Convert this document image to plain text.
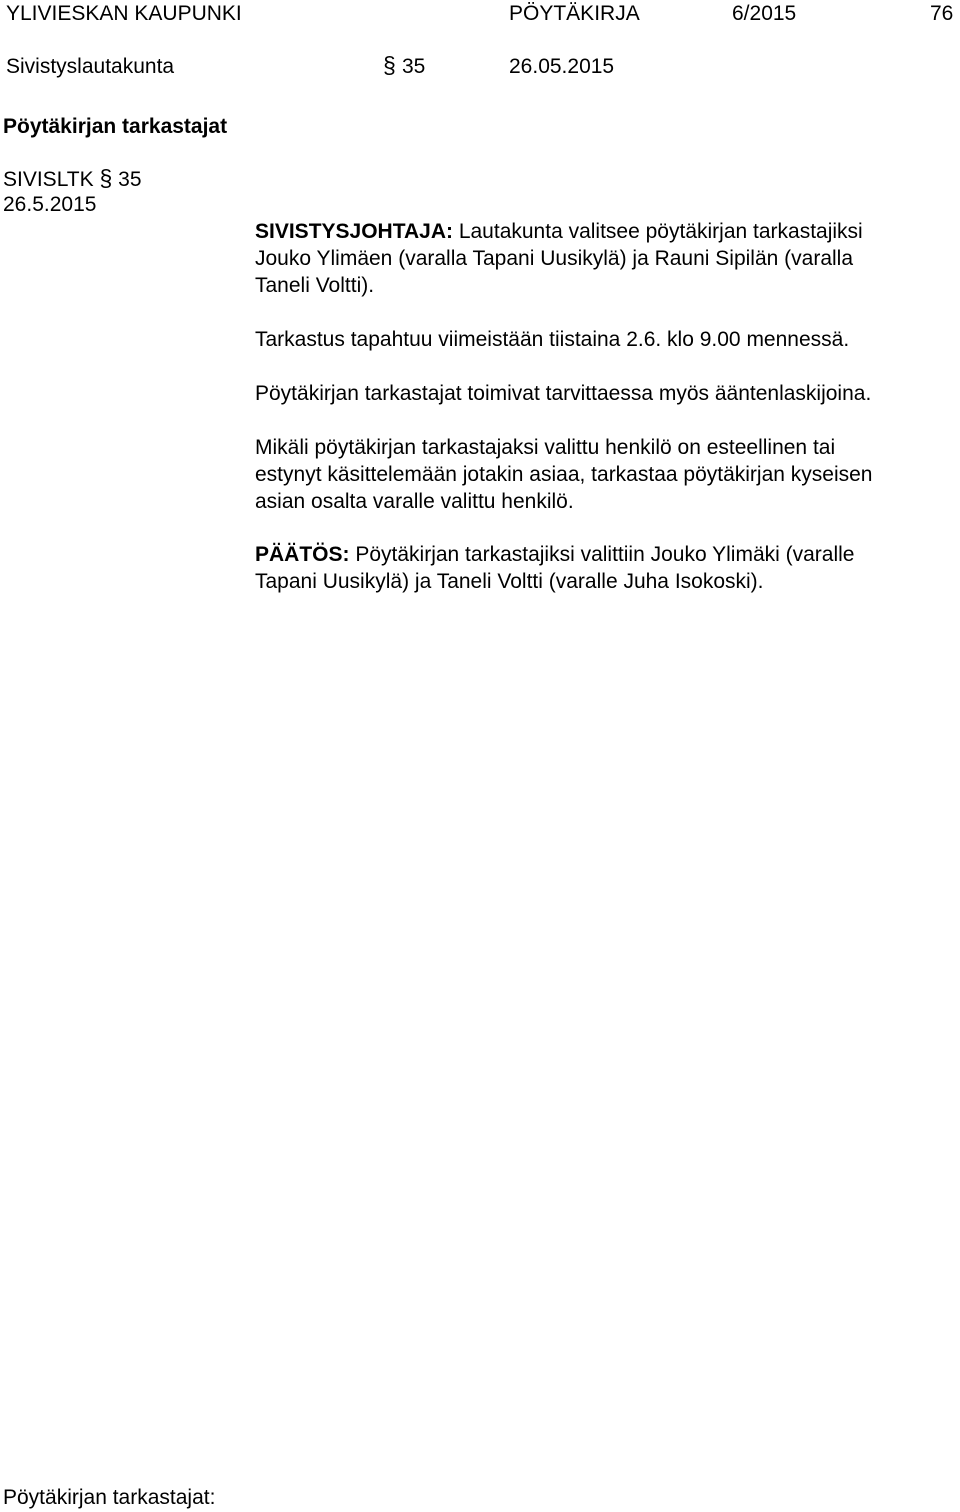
YLIVIESKAN KAUPUNKI	PÖYTÄKIRJA	6/2015	76
Sivistyslautakunta	§ 35	26.05.2015
Pöytäkirjan tarkastajat
SIVISLTK § 35
26.5.2015
SIVISTYSJOHTAJA: Lautakunta valitsee pöytäkirjan tarkastajiksi
Jouko Ylimäen (varalla Tapani Uusikylä) ja Rauni Sipilän (varalla
Taneli Voltti).
Tarkastus tapahtuu viimeistään tiistaina 2.6. klo 9.00 mennessä.
Pöytäkirjan tarkastajat toimivat tarvittaessa myös ääntenlaskijoina.
Mikäli pöytäkirjan tarkastajaksi valittu henkilö on esteellinen tai
estynyt käsittelemään jotakin asiaa, tarkastaa pöytäkirjan kyseisen
asian osalta varalle valittu henkilö.
PÄÄTÖS: Pöytäkirjan tarkastajiksi valittiin Jouko Ylimäki (varalle
Tapani Uusikylä) ja Taneli Voltti (varalle Juha Isokoski).
Pöytäkirjan tarkastajat:
